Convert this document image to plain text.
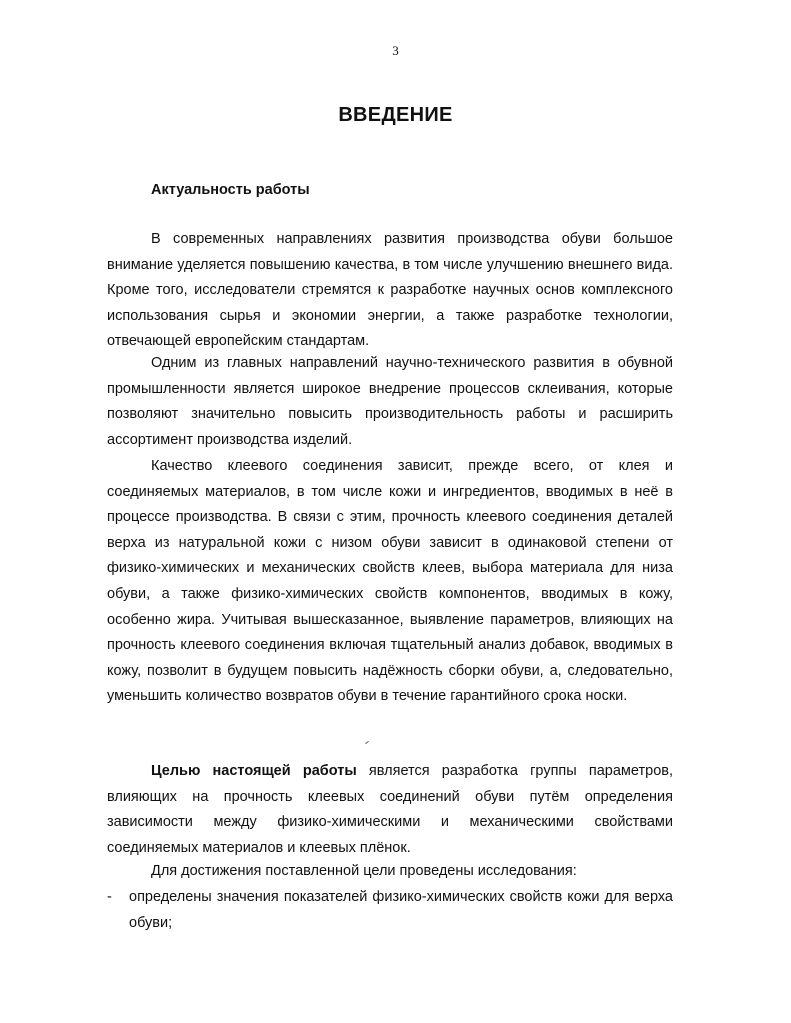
3
ВВЕДЕНИЕ
Актуальность работы

В современных направлениях развития производства обуви большое внимание уделяется повышению качества, в том числе улучшению внешнего вида. Кроме того, исследователи стремятся к разработке научных основ комплексного использования сырья и экономии энергии, а также разработке технологии, отвечающей европейским стандартам.

Одним из главных направлений научно-технического развития в обувной промышленности является широкое внедрение процессов склеивания, которые позволяют значительно повысить производительность работы и расширить ассортимент производства изделий.

Качество клеевого соединения зависит, прежде всего, от клея и соединяемых материалов, в том числе кожи и ингредиентов, вводимых в неё в процессе производства. В связи с этим, прочность клеевого соединения деталей верха из натуральной кожи с низом обуви зависит в одинаковой степени от физико-химических и механических свойств клеев, выбора материала для низа обуви, а также физико-химических свойств компонентов, вводимых в кожу, особенно жира. Учитывая вышесказанное, выявление параметров, влияющих на прочность клеевого соединения включая тщательный анализ добавок, вводимых в кожу, позволит в будущем повысить надёжность сборки обуви, а, следовательно, уменьшить количество возвратов обуви в течение гарантийного срока носки.

Целью настоящей работы является разработка группы параметров, влияющих на прочность клеевых соединений обуви путём определения зависимости между физико-химическими и механическими свойствами соединяемых материалов и клеевых плёнок.

Для достижения поставленной цели проведены исследования:

- определены значения показателей физико-химических свойств кожи для верха обуви;
